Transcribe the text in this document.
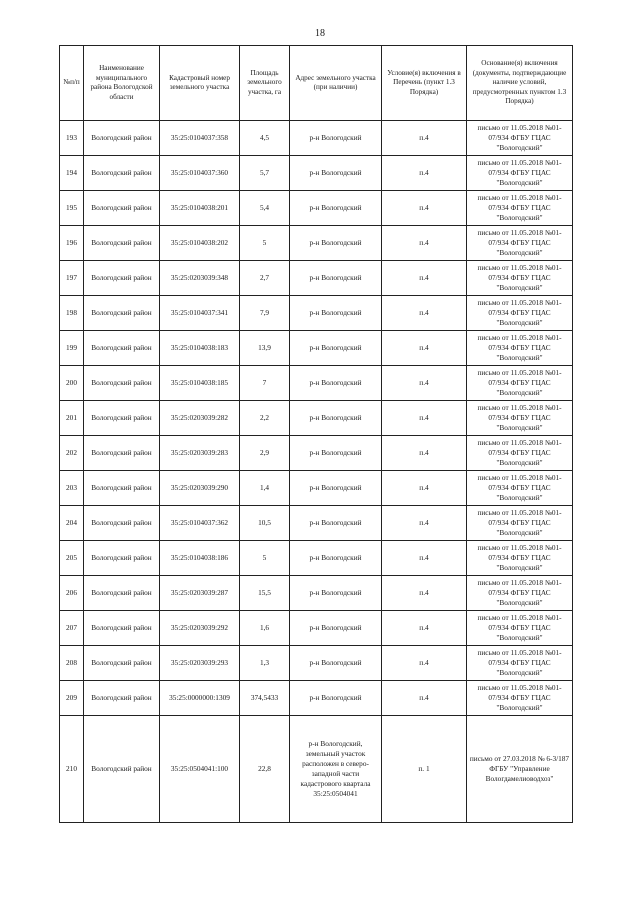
18
№п/п	Наименование муниципального района Вологодской области	Кадастровый номер земельного участка	Площадь земельного участка, га	Адрес земельного участка (при наличии)	Условие(я) включения в Перечень (пункт 1.3 Порядка)	Основание(я) включения (документы, подтверждающие наличие условий, предусмотренных пунктом 1.3 Порядка)
193	Вологодский район	35:25:0104037:358	4,5	р-н Вологодский	п.4	письмо от 11.05.2018 №01-07/934 ФГБУ ГЦАС "Вологодский"
194	Вологодский район	35:25:0104037:360	5,7	р-н Вологодский	п.4	письмо от 11.05.2018 №01-07/934 ФГБУ ГЦАС "Вологодский"
195	Вологодский район	35:25:0104038:201	5,4	р-н Вологодский	п.4	письмо от 11.05.2018 №01-07/934 ФГБУ ГЦАС "Вологодский"
196	Вологодский район	35:25:0104038:202	5	р-н Вологодский	п.4	письмо от 11.05.2018 №01-07/934 ФГБУ ГЦАС "Вологодский"
197	Вологодский район	35:25:0203039:348	2,7	р-н Вологодский	п.4	письмо от 11.05.2018 №01-07/934 ФГБУ ГЦАС "Вологодский"
198	Вологодский район	35:25:0104037:341	7,9	р-н Вологодский	п.4	письмо от 11.05.2018 №01-07/934 ФГБУ ГЦАС "Вологодский"
199	Вологодский район	35:25:0104038:183	13,9	р-н Вологодский	п.4	письмо от 11.05.2018 №01-07/934 ФГБУ ГЦАС "Вологодский"
200	Вологодский район	35:25:0104038:185	7	р-н Вологодский	п.4	письмо от 11.05.2018 №01-07/934 ФГБУ ГЦАС "Вологодский"
201	Вологодский район	35:25:0203039:282	2,2	р-н Вологодский	п.4	письмо от 11.05.2018 №01-07/934 ФГБУ ГЦАС "Вологодский"
202	Вологодский район	35:25:0203039:283	2,9	р-н Вологодский	п.4	письмо от 11.05.2018 №01-07/934 ФГБУ ГЦАС "Вологодский"
203	Вологодский район	35:25:0203039:290	1,4	р-н Вологодский	п.4	письмо от 11.05.2018 №01-07/934 ФГБУ ГЦАС "Вологодский"
204	Вологодский район	35:25:0104037:362	10,5	р-н Вологодский	п.4	письмо от 11.05.2018 №01-07/934 ФГБУ ГЦАС "Вологодский"
205	Вологодский район	35:25:0104038:186	5	р-н Вологодский	п.4	письмо от 11.05.2018 №01-07/934 ФГБУ ГЦАС "Вологодский"
206	Вологодский район	35:25:0203039:287	15,5	р-н Вологодский	п.4	письмо от 11.05.2018 №01-07/934 ФГБУ ГЦАС "Вологодский"
207	Вологодский район	35:25:0203039:292	1,6	р-н Вологодский	п.4	письмо от 11.05.2018 №01-07/934 ФГБУ ГЦАС "Вологодский"
208	Вологодский район	35:25:0203039:293	1,3	р-н Вологодский	п.4	письмо от 11.05.2018 №01-07/934 ФГБУ ГЦАС "Вологодский"
209	Вологодский район	35:25:0000000:1309	374,5433	р-н Вологодский	п.4	письмо от 11.05.2018 №01-07/934 ФГБУ ГЦАС "Вологодский"
210	Вологодский район	35:25:0504041:100	22,8	р-н Вологодский, земельный участок расположен в северо-западной части кадастрового квартала 35:25:0504041	п. 1	письмо от 27.03.2018 № 6-3/187 ФГБУ "Управление Вологдамелиоводхоз"
